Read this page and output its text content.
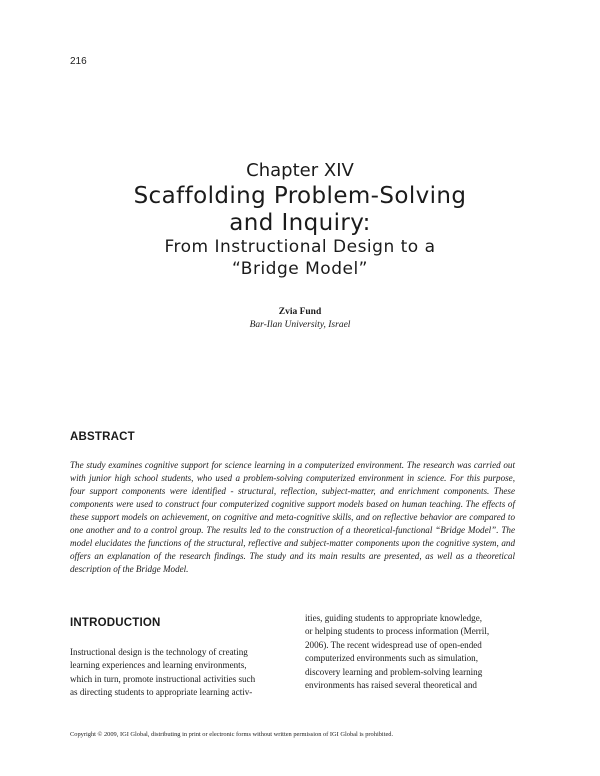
216
Chapter XIV
Scaffolding Problem-Solving
and Inquiry:
From Instructional Design to a
“Bridge Model”
Zvia Fund
Bar-Ilan University, Israel
ABSTRACT
The study examines cognitive support for science learning in a computerized environment. The research was carried out with junior high school students, who used a problem-solving computerized environment in science. For this purpose, four support components were identified - structural, reflection, subject-matter, and enrichment components. These components were used to construct four computerized cognitive support models based on human teaching. The effects of these support models on achievement, on cognitive and meta-cognitive skills, and on reflective behavior are compared to one another and to a control group. The results led to the construction of a theoretical-functional “Bridge Model”. The model elucidates the functions of the structural, reflective and subject-matter components upon the cognitive system, and offers an explanation of the research findings. The study and its main results are presented, as well as a theoretical description of the Bridge Model.
INTRODUCTION
Instructional design is the technology of creating
learning experiences and learning environments,
which in turn, promote instructional activities such
as directing students to appropriate learning activ-
ities, guiding students to appropriate knowledge,
or helping students to process information (Merril,
2006). The recent widespread use of open-ended
computerized environments such as simulation,
discovery learning and problem-solving learning
environments has raised several theoretical and
Copyright © 2009, IGI Global, distributing in print or electronic forms without written permission of IGI Global is prohibited.
